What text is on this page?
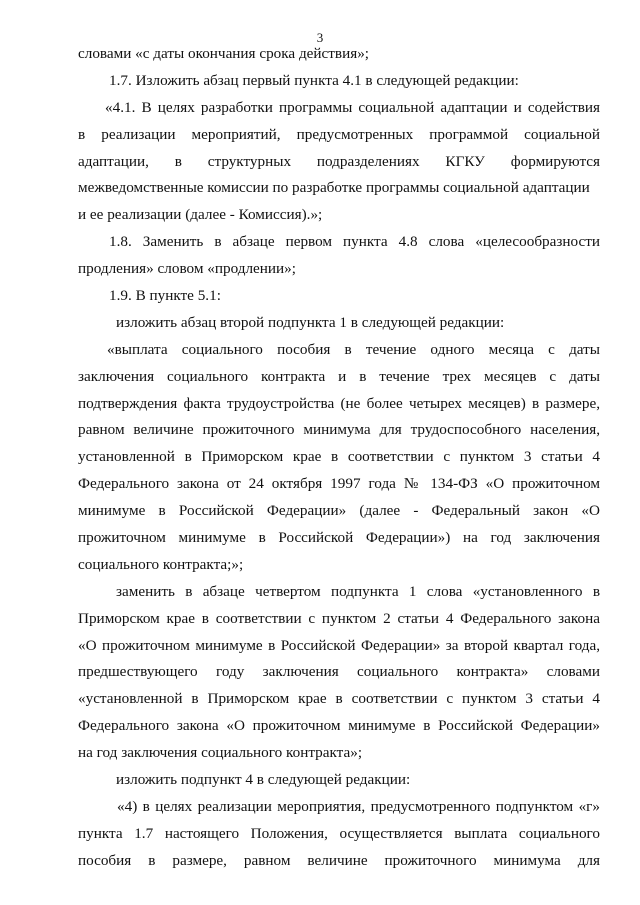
3
словами «с даты окончания срока действия»;
1.7. Изложить абзац первый пункта 4.1 в следующей редакции:
«4.1. В целях разработки программы социальной адаптации и содействия
в реализации мероприятий, предусмотренных программой социальной
адаптации, в структурных подразделениях КГКУ формируются
межведомственные комиссии по разработке программы социальной адаптации
и ее реализации (далее - Комиссия).»;
1.8. Заменить в абзаце первом пункта 4.8 слова «целесообразности
продления» словом «продлении»;
1.9. В пункте 5.1:
изложить абзац второй подпункта 1 в следующей редакции:
«выплата социального пособия в течение одного месяца с даты
заключения социального контракта и в течение трех месяцев с даты
подтверждения факта трудоустройства (не более четырех месяцев) в размере,
равном величине прожиточного минимума для трудоспособного населения,
установленной в Приморском крае в соответствии с пунктом 3 статьи 4
Федерального закона от 24 октября 1997 года № 134-ФЗ «О прожиточном
минимуме в Российской Федерации» (далее - Федеральный закон «О
прожиточном минимуме в Российской Федерации») на год заключения
социального контракта;»;
заменить в абзаце четвертом подпункта 1 слова «установленного в
Приморском крае в соответствии с пунктом 2 статьи 4 Федерального закона
«О прожиточном минимуме в Российской Федерации» за второй квартал года,
предшествующего году заключения социального контракта» словами
«установленной в Приморском крае в соответствии с пунктом 3 статьи 4
Федерального закона «О прожиточном минимуме в Российской Федерации»
на год заключения социального контракта»;
изложить подпункт 4 в следующей редакции:
«4) в целях реализации мероприятия, предусмотренного подпунктом «г»
пункта 1.7 настоящего Положения, осуществляется выплата социального
пособия в размере, равном величине прожиточного минимума для
